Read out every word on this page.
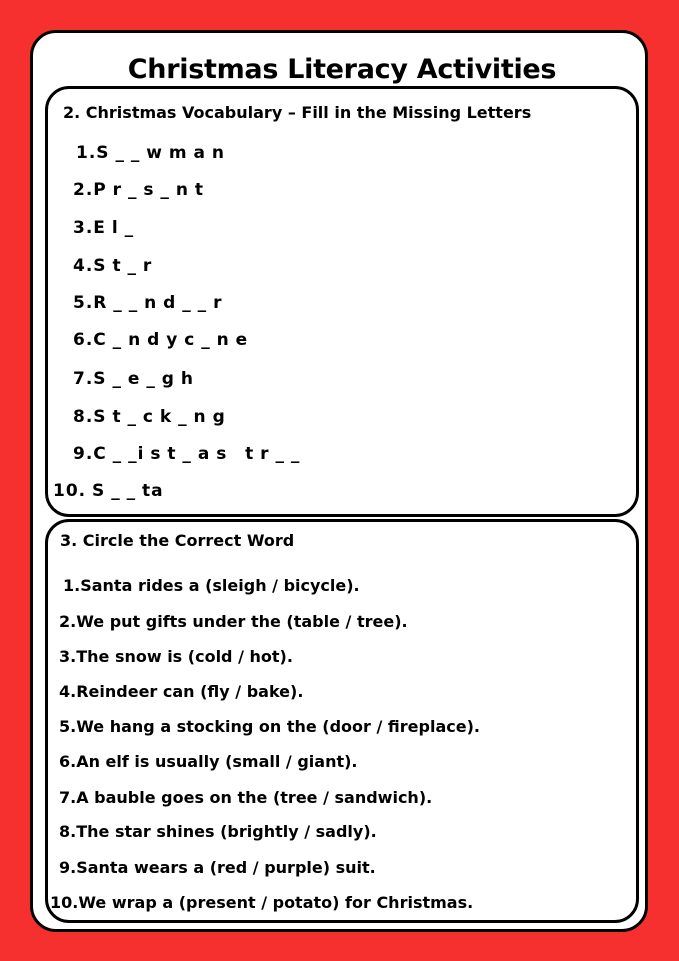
Christmas Literacy Activities
2. Christmas Vocabulary – Fill in the Missing Letters
1.S _ _ w m a n
2.P r _ s _ n t
3.E l _
4.S t _ r
5.R _ _ n d _ _ r
6.C _ n d y c _ n e
7.S _ e _ g h
8.S t _ c k _ n g
9.C _ _i s t _ a s   t r _ _
10. S _ _ ta
3. Circle the Correct Word
1.Santa rides a (sleigh / bicycle).
2.We put gifts under the (table / tree).
3.The snow is (cold / hot).
4.Reindeer can (fly / bake).
5.We hang a stocking on the (door / fireplace).
6.An elf is usually (small / giant).
7.A bauble goes on the (tree / sandwich).
8.The star shines (brightly / sadly).
9.Santa wears a (red / purple) suit.
10.We wrap a (present / potato) for Christmas.
